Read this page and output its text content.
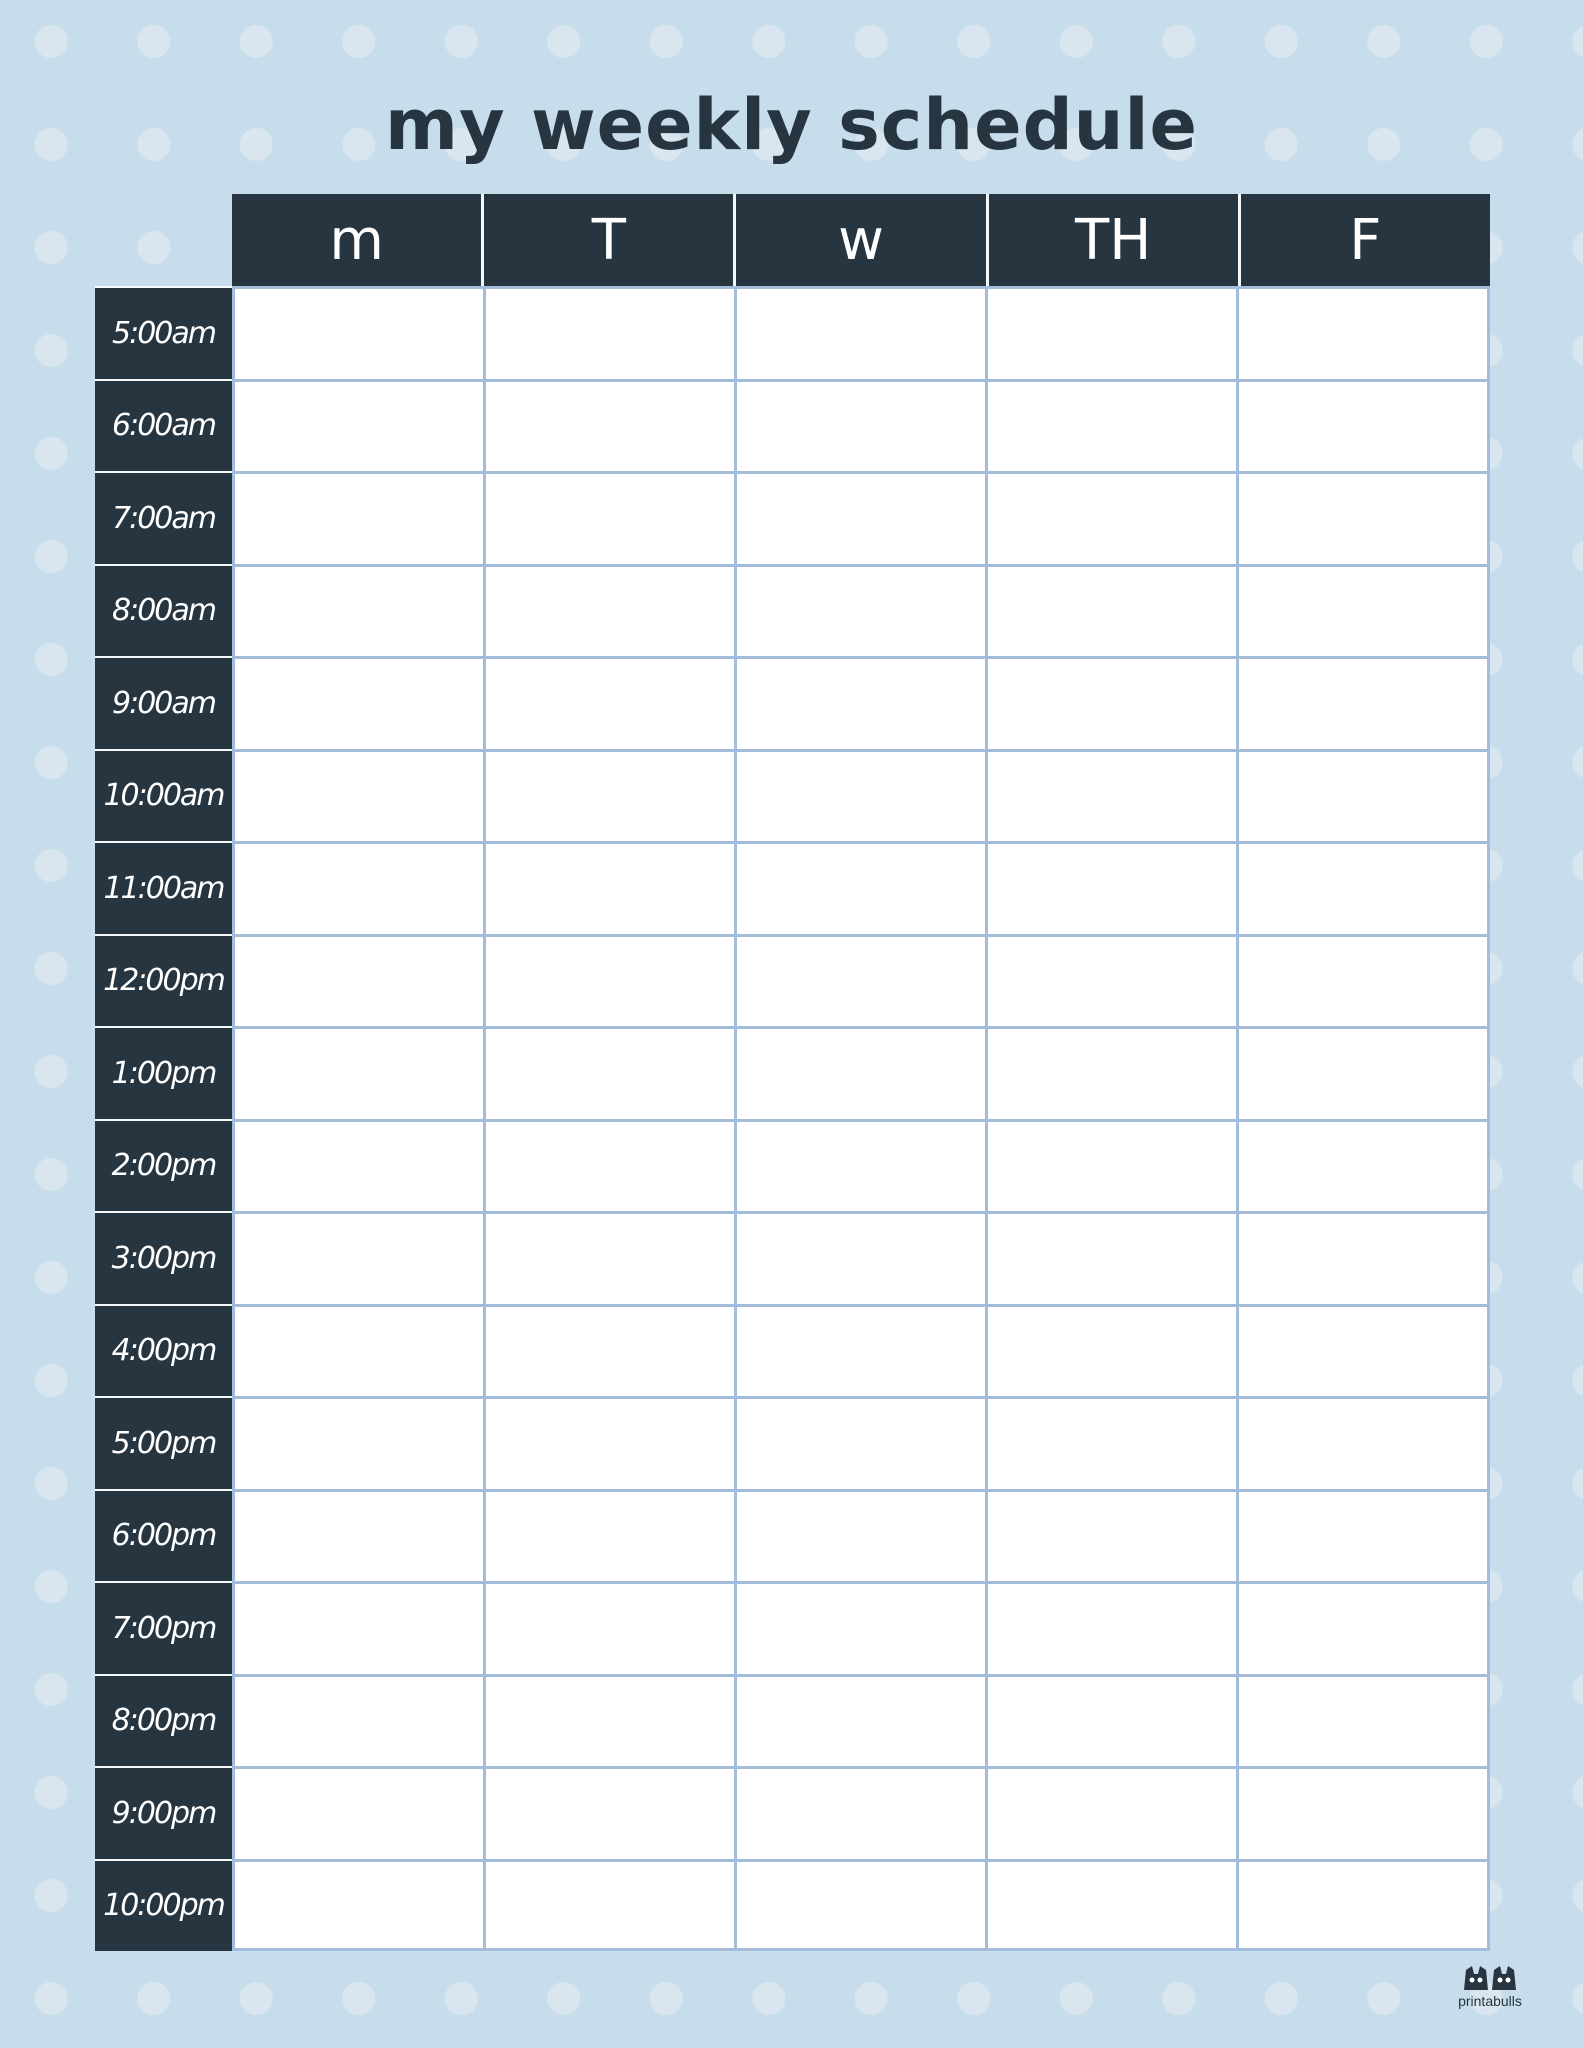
my weekly schedule
m	T	w	TH	F
5:00am
6:00am
7:00am
8:00am
9:00am
10:00am
11:00am
12:00pm
1:00pm
2:00pm
3:00pm
4:00pm
5:00pm
6:00pm
7:00pm
8:00pm
9:00pm
10:00pm
printabulls
